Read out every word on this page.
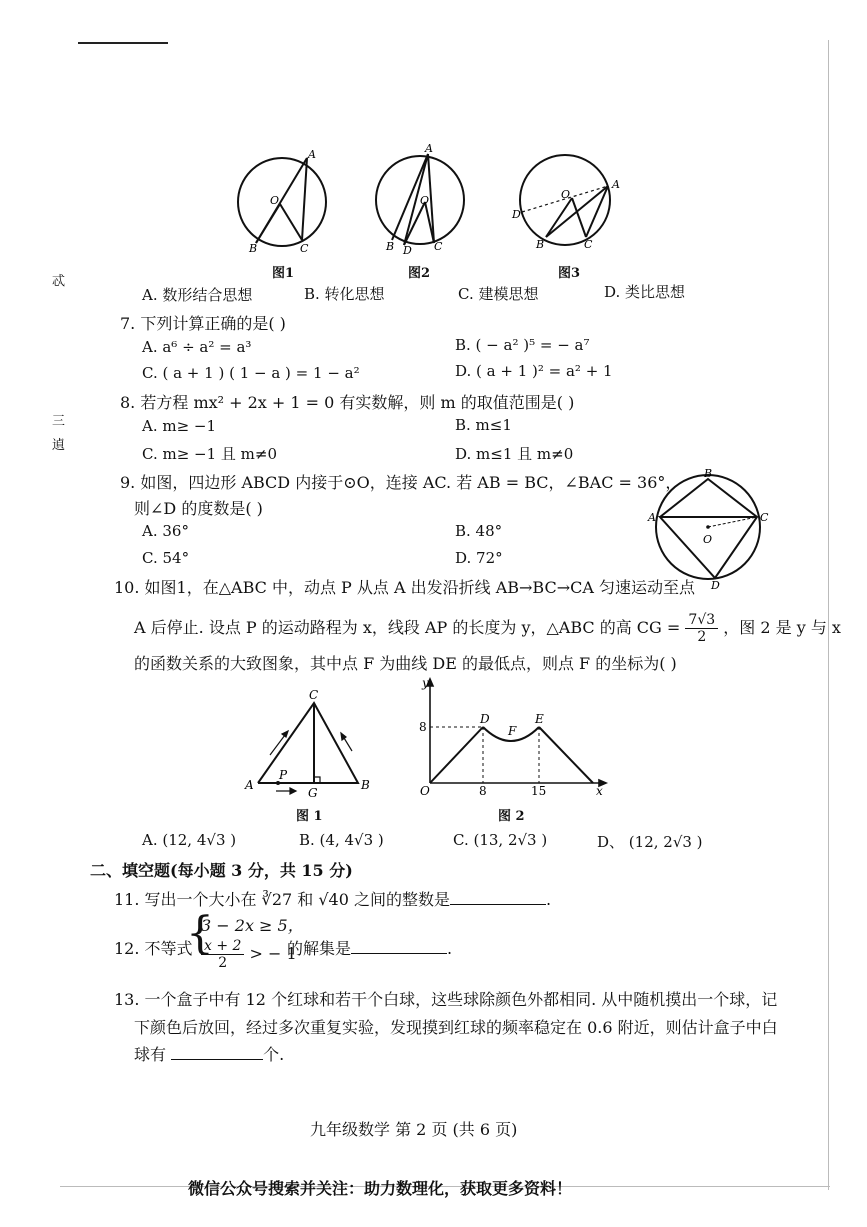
忒
三
遉
A
O
B	C
A
O
B D C
A
O
D
B	C
图1	图2	图3
A. 数形结合思想	B. 转化思想	C. 建模思想	D. 类比思想
7. 下列计算正确的是( )
A. a⁶ ÷ a² = a³	B. ( − a² )⁵ = − a⁷
C. ( a + 1 ) ( 1 − a ) = 1 − a²	D. ( a + 1 )² = a² + 1
8. 若方程 mx² + 2x + 1 = 0 有实数解，则 m 的取值范围是( )
A. m≥ −1	B. m≤1
C. m≥ −1 且 m≠0	D. m≤1 且 m≠0
9. 如图，四边形 ABCD 内接于⊙O，连接 AC. 若 AB = BC，∠BAC = 36°，
则∠D 的度数是( )
A. 36°	B. 48°
C. 54°	D. 72°
B
A	C
O
D
10. 如图1，在△ABC 中，动点 P 从点 A 出发沿折线 AB→BC→CA 匀速运动至点
A 后停止. 设点 P 的运动路程为 x，线段 AP 的长度为 y，△ABC 的高 CG = $\frac{7√3}{2}$ ，图 2 是 y 与 x
的函数关系的大致图象，其中点 F 为曲线 DE 的最低点，则点 F 的坐标为( )
C
A	B
P
G
图 1
y
8
O	8	15	x
D
F
E
图 2
A. (12, 4√3 )	B. (4, 4√3 )	C. (13, 2√3 )	D、 (12, 2√3 )
二、填空题(每小题 3 分，共 15 分)
11. 写出一个大小在 ∛27 和 √40 之间的整数是	.
12. 不等式
{
3 − 2x ≥ 5，
$\frac{x + 2}{2}$ > − 1
的解集是	.
13. 一个盒子中有 12 个红球和若干个白球，这些球除颜色外都相同. 从中随机摸出一个球，记
下颜色后放回，经过多次重复实验，发现摸到红球的频率稳定在 0.6 附近，则估计盒子中白
球有	个.
九年级数学 第 2 页 (共 6 页)
微信公众号搜索并关注：助力数理化，获取更多资料！
